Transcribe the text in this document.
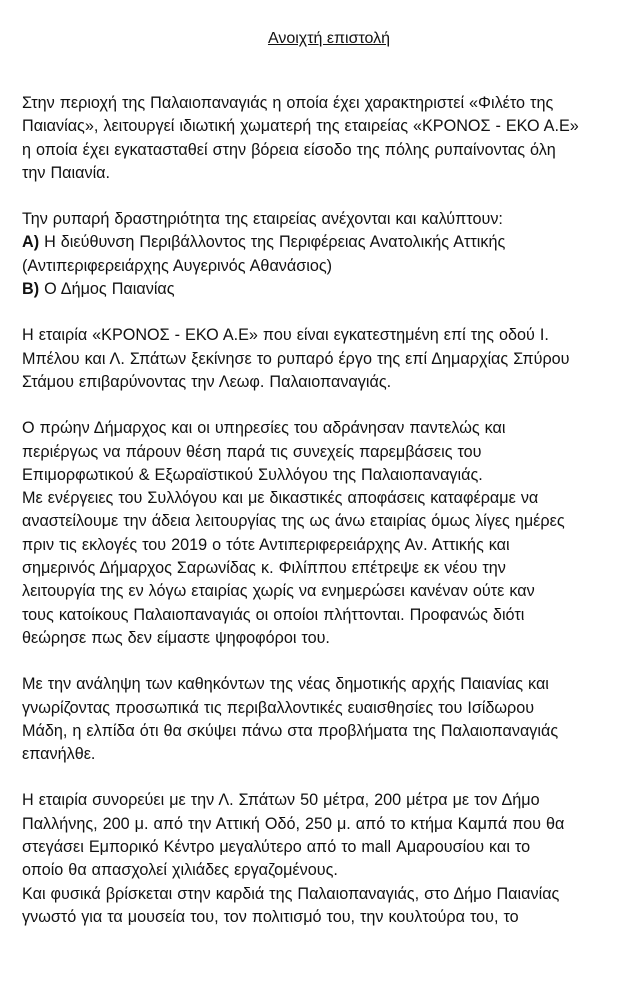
Ανοιχτή επιστολή
Στην περιοχή της Παλαιοπαναγιάς η οποία έχει χαρακτηριστεί «Φιλέτο της
Παιανίας», λειτουργεί ιδιωτική χωματερή της εταιρείας «ΚΡΟΝΟΣ - ΕΚΟ Α.Ε»
η οποία έχει εγκατασταθεί στην βόρεια είσοδο της πόλης ρυπαίνοντας όλη
την Παιανία.
Την ρυπαρή δραστηριότητα της εταιρείας ανέχονται και καλύπτουν:
Α) Η διεύθυνση Περιβάλλοντος της Περιφέρειας Ανατολικής Αττικής
(Αντιπεριφερειάρχης Αυγερινός Αθανάσιος)
Β) Ο Δήμος Παιανίας
Η εταιρία «ΚΡΟΝΟΣ - ΕΚΟ Α.Ε» που είναι εγκατεστημένη επί της οδού Ι.
Μπέλου και Λ. Σπάτων ξεκίνησε το ρυπαρό έργο της επί Δημαρχίας Σπύρου
Στάμου επιβαρύνοντας την Λεωφ. Παλαιοπαναγιάς.
Ο πρώην Δήμαρχος και οι υπηρεσίες του αδράνησαν παντελώς και
περιέργως να πάρουν θέση παρά τις συνεχείς παρεμβάσεις του
Επιμορφωτικού & Εξωραϊστικού Συλλόγου της Παλαιοπαναγιάς.
Με ενέργειες του Συλλόγου και με δικαστικές αποφάσεις καταφέραμε να
αναστείλουμε την άδεια λειτουργίας της ως άνω εταιρίας όμως λίγες ημέρες
πριν τις εκλογές του 2019 ο τότε Αντιπεριφερειάρχης Αν. Αττικής και
σημερινός Δήμαρχος Σαρωνίδας κ. Φιλίππου επέτρεψε εκ νέου την
λειτουργία της εν λόγω εταιρίας χωρίς να ενημερώσει κανέναν ούτε καν
τους κατοίκους Παλαιοπαναγιάς οι οποίοι πλήττονται. Προφανώς διότι
θεώρησε πως δεν είμαστε ψηφοφόροι του.
Με την ανάληψη των καθηκόντων της νέας δημοτικής αρχής Παιανίας και
γνωρίζοντας προσωπικά τις περιβαλλοντικές ευαισθησίες του Ισίδωρου
Μάδη, η ελπίδα ότι θα σκύψει πάνω στα προβλήματα της Παλαιοπαναγιάς
επανήλθε.
Η εταιρία συνορεύει με την Λ. Σπάτων 50 μέτρα, 200 μέτρα με τον Δήμο
Παλλήνης, 200 μ. από την Αττική Οδό, 250 μ. από το κτήμα Καμπά που θα
στεγάσει Εμπορικό Κέντρο μεγαλύτερο από το mall Αμαρουσίου και το
οποίο θα απασχολεί χιλιάδες εργαζομένους.
Και φυσικά βρίσκεται στην καρδιά της Παλαιοπαναγιάς, στο Δήμο Παιανίας
γνωστό για τα μουσεία του, τον πολιτισμό του, την κουλτούρα του, το
